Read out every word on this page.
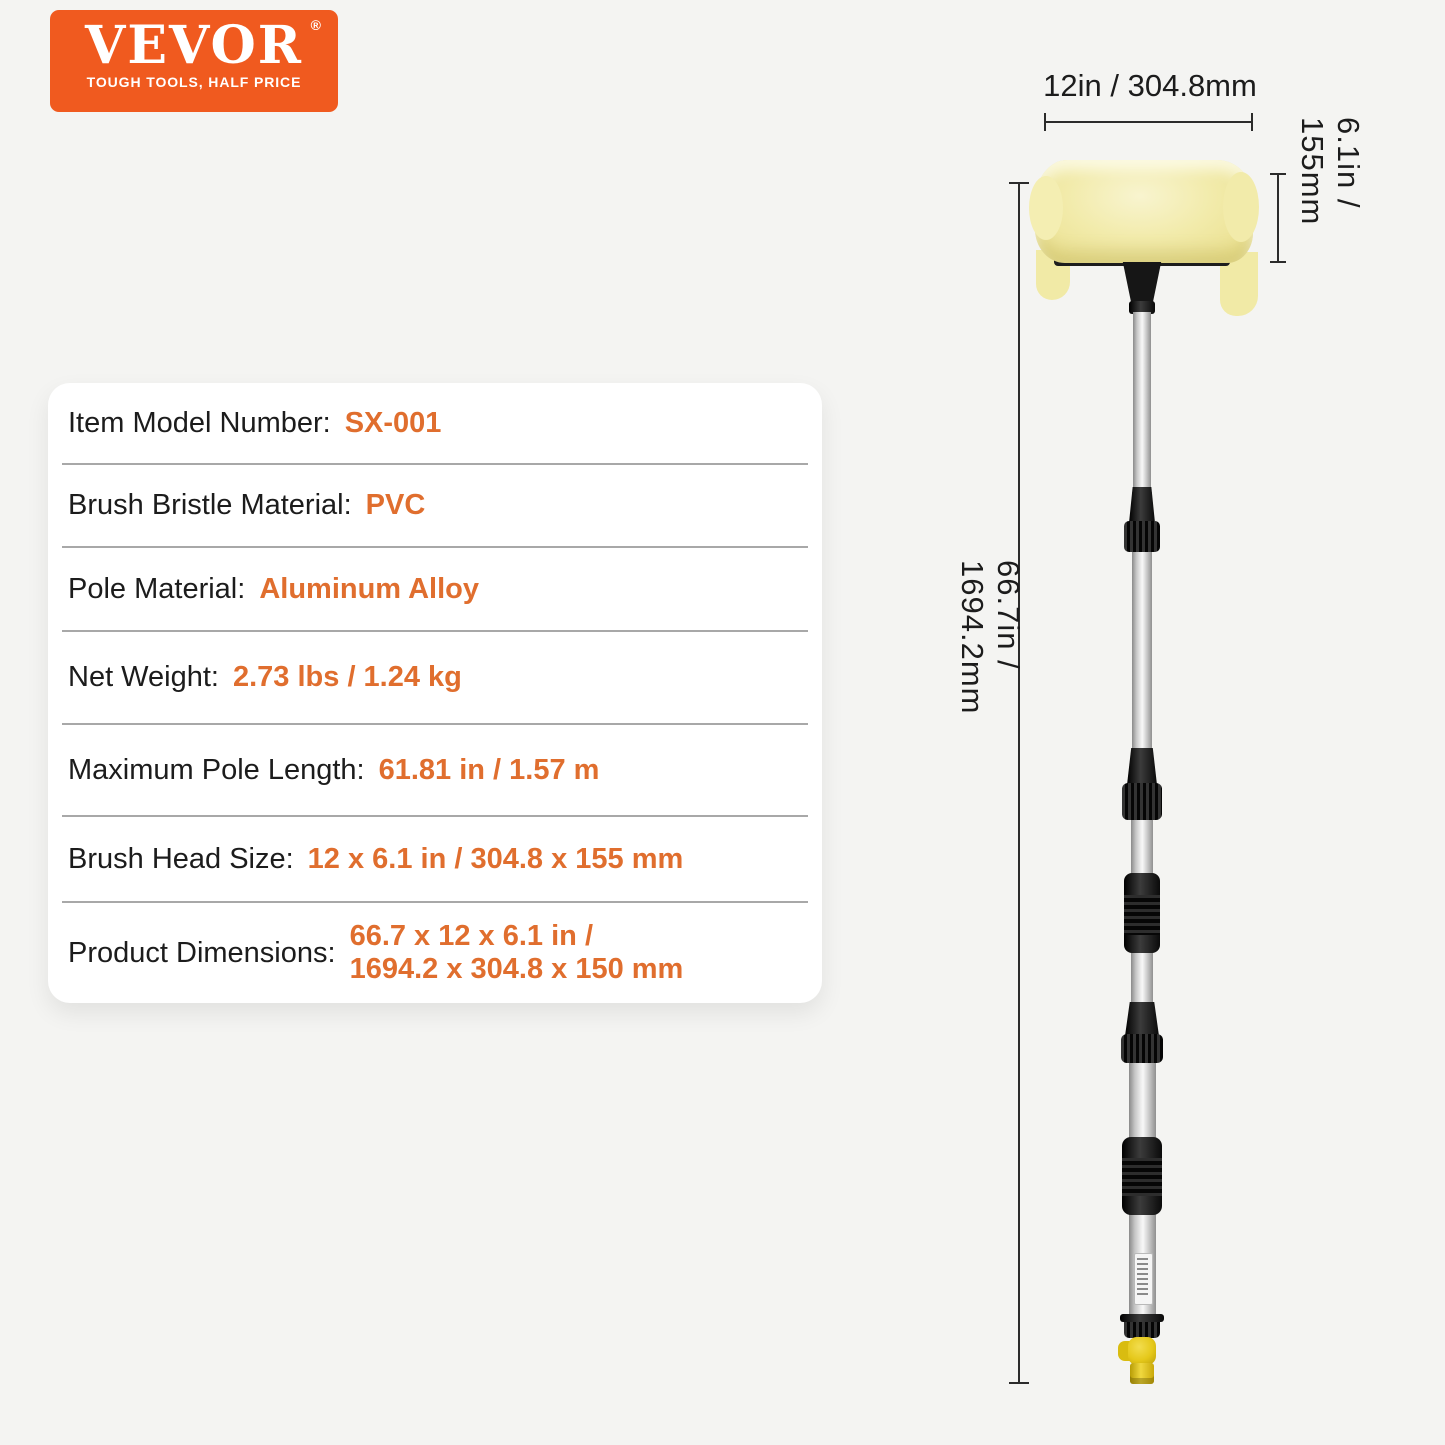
VEVOR ®
TOUGH TOOLS, HALF PRICE
Item Model Number: SX-001
Brush Bristle Material: PVC
Pole Material: Aluminum Alloy
Net Weight: 2.73 lbs / 1.24 kg
Maximum Pole Length: 61.81 in / 1.57 m
Brush Head Size: 12 x 6.1 in / 304.8 x 155 mm
Product Dimensions:
66.7 x 12 x 6.1 in /
1694.2 x 304.8 x 150 mm
12in / 304.8mm
6.1in / 155mm
66.7in / 1694.2mm
